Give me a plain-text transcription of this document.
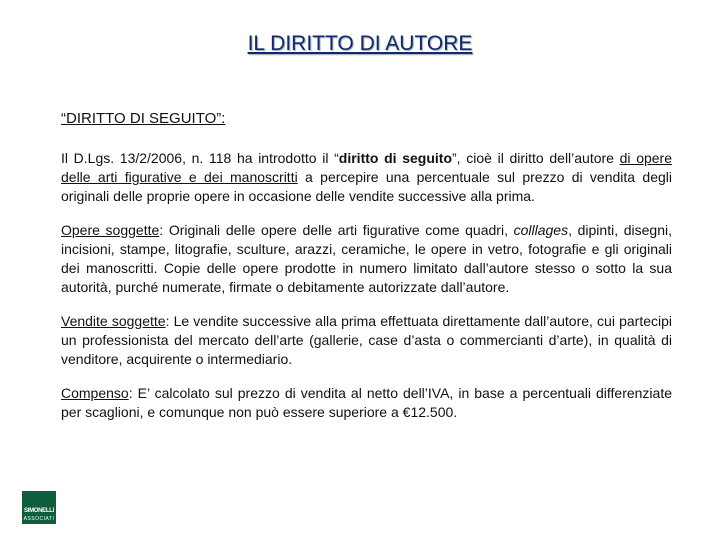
IL DIRITTO DI AUTORE
“DIRITTO DI SEGUITO”:

Il D.Lgs. 13/2/2006, n. 118 ha introdotto il “diritto di seguito”, cioè il diritto dell’autore di opere delle arti figurative e dei manoscritti a percepire una percentuale sul prezzo di vendita degli originali delle proprie opere in occasione delle vendite successive alla prima.

Opere soggette: Originali delle opere delle arti figurative come quadri, colllages, dipinti, disegni, incisioni, stampe, litografie, sculture, arazzi, ceramiche, le opere in vetro, fotografie e gli originali dei manoscritti. Copie delle opere prodotte in numero limitato dall’autore stesso o sotto la sua autorità, purché numerate, firmate o debitamente autorizzate dall’autore.

Vendite soggette: Le vendite successive alla prima effettuata direttamente dall’autore, cui partecipi un professionista del mercato dell’arte (gallerie, case d’asta o commercianti d’arte), in qualità di venditore, acquirente o intermediario.

Compenso: E’ calcolato sul prezzo di vendita al netto dell’IVA, in base a percentuali differenziate per scaglioni, e comunque non può essere superiore a €12.500.

SIMONELLI
ASSOCIATI
